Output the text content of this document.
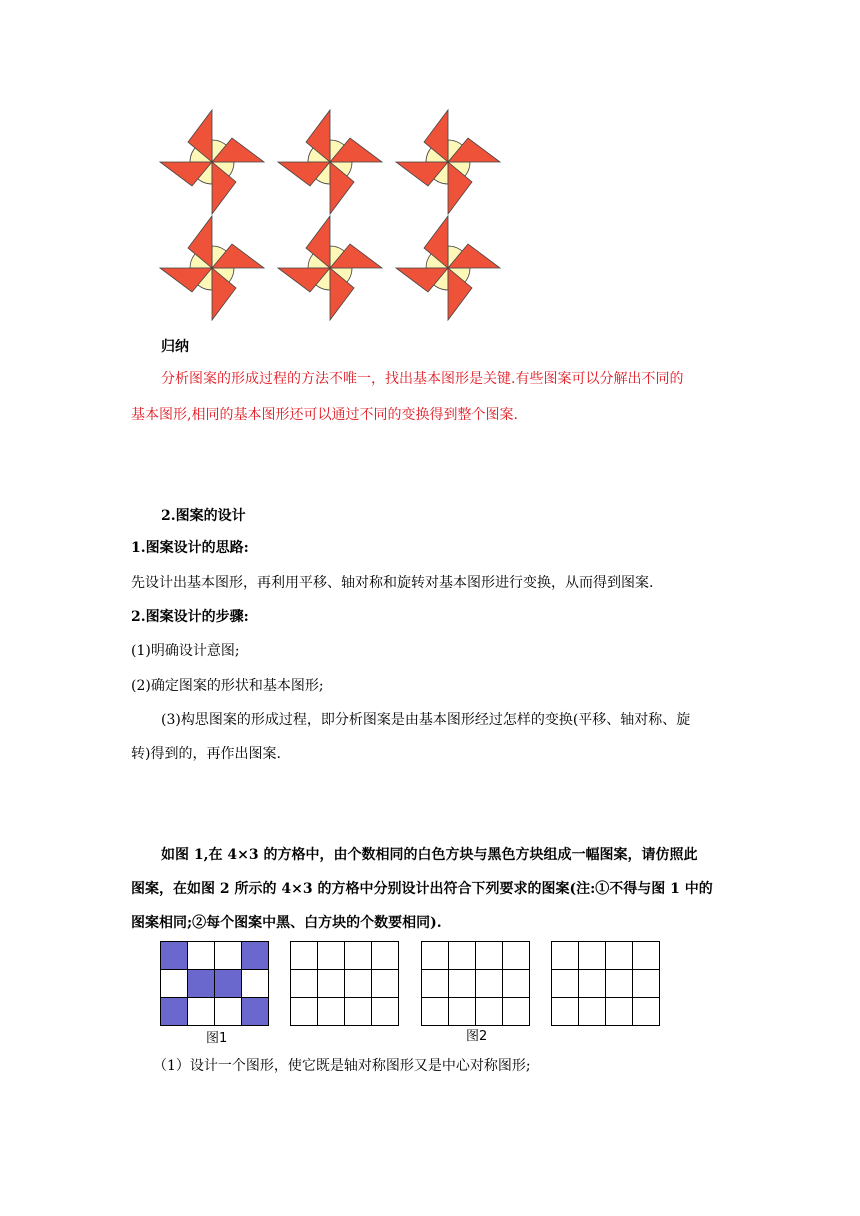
归纳
分析图案的形成过程的方法不唯一，找出基本图形是关键.有些图案可以分解出不同的
基本图形,相同的基本图形还可以通过不同的变换得到整个图案.
2.图案的设计
1.图案设计的思路:
先设计出基本图形，再利用平移、轴对称和旋转对基本图形进行变换，从而得到图案.
2.图案设计的步骤:
(1)明确设计意图;
(2)确定图案的形状和基本图形;
(3)构思图案的形成过程，即分析图案是由基本图形经过怎样的变换(平移、轴对称、旋
转)得到的，再作出图案.
如图 1,在 4×3 的方格中，由个数相同的白色方块与黑色方块组成一幅图案，请仿照此
图案，在如图 2 所示的 4×3 的方格中分别设计出符合下列要求的图案(注:①不得与图 1 中的
图案相同;②每个图案中黑、白方块的个数要相同).

图1	图2
（1）设计一个图形，使它既是轴对称图形又是中心对称图形;
